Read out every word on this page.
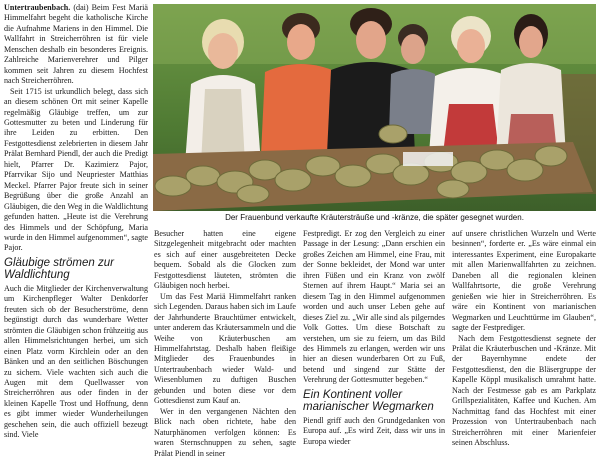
Untertraubenbach. (dai) Beim Fest Mariä Himmelfahrt begeht die katholische Kirche die Aufnahme Mariens in den Himmel. Die Wallfahrt in Streicherröhren ist für viele Menschen deshalb ein besonderes Ereignis. Zahlreiche Marienverehrer und Pilger kommen seit Jahren zu diesem Hochfest nach Streicherröhren.

Seit 1715 ist urkundlich belegt, dass sich an diesem schönen Ort mit seiner Kapelle regelmäßig Gläubige treffen, um zur Gottesmutter zu beten und Linderung für ihre Leiden zu erbitten. Den Festgottesdienst zelebrierten in diesem Jahr Prälat Bernhard Piendl, der auch die Predigt hielt, Pfarrer Dr. Kazimierz Pajor, Pfarrvikar Sijo und Neupriester Matthias Meckel. Pfarrer Pajor freute sich in seiner Begrüßung über die große Anzahl an Gläubigen, die den Weg in die Waldlichtung gefunden hatten. „Heute ist die Verehrung des Himmels und der Schöpfung, Maria wurde in den Himmel aufgenommen“, sagte Pajor.

Gläubige strömen zur Waldlichtung

Auch die Mitglieder der Kirchenverwaltung um Kirchenpfleger Walter Denkdorfer freuten sich ob der Besucherströme, denn begünstigt durch das wunderbare Wetter strömten die Gläubigen schon frühzeitig aus allen Himmelsrichtungen herbei, um sich einen Platz vorm Kirchlein oder an den Bänken und an den seitlichen Böschungen zu sichern. Viele wachten sich auch die Augen mit dem Quellwasser von Streicherröhren aus oder finden in der kleinen Kapelle Trost und Hoffnung, denn es gibt immer wieder Wunderheilungen geschehen sein, die auch offiziell bezeugt sind. Viele

Der Frauenbund verkaufte Kräutersträuße und -kränze, die später gesegnet wurden.

Besucher hatten eine eigene Sitzgelegenheit mitgebracht oder machten es sich auf einer ausgebreiteten Decke bequem. Sobald als die Glocken zum Festgottesdienst läuteten, strömten die Gläubigen noch herbei.

Um das Fest Mariä Himmelfahrt ranken sich Legenden. Daraus haben sich im Laufe der Jahrhunderte Brauchtümer entwickelt, unter anderem das Kräutersammeln und die Weihe von Kräuterbuschen am Himmelfahrtstag. Deshalb haben fleißige Mitglieder des Frauenbundes in Untertraubenbach wieder Wald- und Wiesenblumen zu duftigen Buschen gebunden und boten diese vor dem Gottesdienst zum Kauf an.

Wer in den vergangenen Nächten den Blick nach oben richtete, habe den Naturphänomen verfolgen können: Es waren Sternschnuppen zu sehen, sagte Prälat Piendl in seiner

Festpredigt. Er zog den Vergleich zu einer Passage in der Lesung: „Dann erschien ein großes Zeichen am Himmel, eine Frau, mit der Sonne bekleidet, der Mond war unter ihren Füßen und ein Kranz von zwölf Sternen auf ihrem Haupt.“ Maria sei an diesem Tag in den Himmel aufgenommen worden und auch unser Leben gehe auf dieses Ziel zu. „Wir alle sind als pilgerndes Volk Gottes. Um diese Botschaft zu verstehen, um sie zu feiern, um das Bild des Himmels zu erlangen, werden wir uns hier an diesen wunderbaren Ort zu Fuß, betend und singend zur Stätte der Verehrung der Gottesmutter begeben.“

Ein Kontinent voller marianischer Wegmarken

Piendl griff auch den Grundgedanken von Europa auf. „Es wird Zeit, dass wir uns in Europa wieder

auf unsere christlichen Wurzeln und Werte besinnen“, forderte er. „Es wäre einmal ein interessantes Experiment, eine Europakarte mit allen Marienwallfahrten zu zeichnen. Daneben all die regionalen kleinen Wallfahrtsorte, die große Verehrung genießen wie hier in Streicherröhren. Es wäre ein Kontinent von marianischen Wegmarken und Leuchttürme im Glauben“, sagte der Festprediger.

Nach dem Festgottesdienst segnete der Prälat die Kräuterbuschen und -Kränze. Mit der Bayernhymne endete der Festgottesdienst, den die Bläsergruppe der Kapelle Köppl musikalisch umrahmt hatte. Nach der Festmesse gab es am Parkplatz Grillspezialitäten, Kaffee und Kuchen. Am Nachmittag fand das Hochfest mit einer Prozession von Untertraubenbach nach Streicherröhren mit einer Marienfeier seinen Abschluss.
